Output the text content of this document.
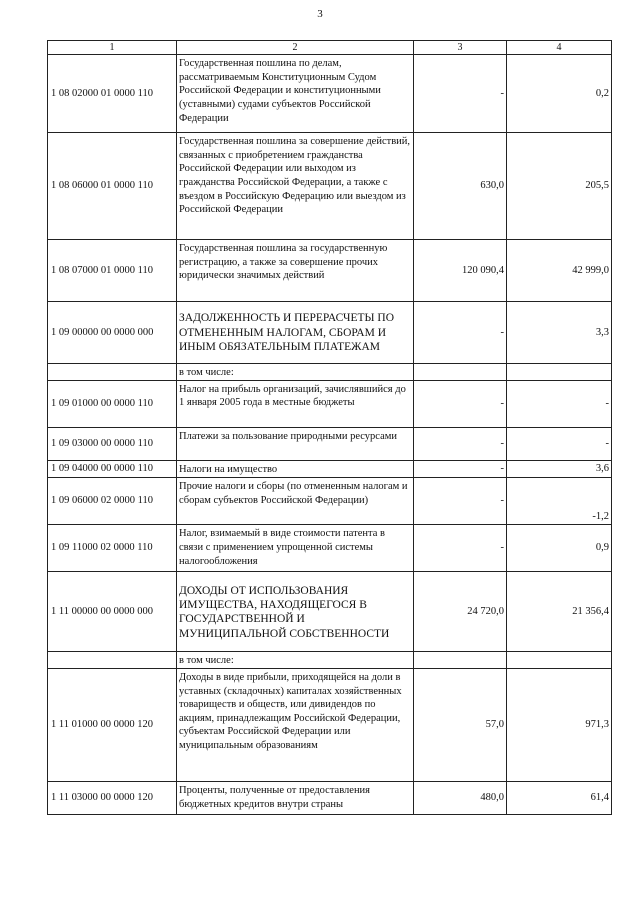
3
1	2	3	4
1 08 02000 01 0000 110	Государственная пошлина по делам, рассматриваемым Конституционным Судом Российской Федерации и конституционными (уставными) судами субъектов Российской Федерации	-	0,2
1 08 06000 01 0000 110	Государственная пошлина за совершение действий, связанных с приобретением гражданства Российской Федерации или выходом из гражданства Российской Федерации, а также с въездом в Российскую Федерацию или выездом из Российской Федерации	630,0	205,5
1 08 07000 01 0000 110	Государственная пошлина за государственную регистрацию, а также за совершение прочих юридически значимых действий	120 090,4	42 999,0
1 09 00000 00 0000 000	ЗАДОЛЖЕННОСТЬ И ПЕРЕРАСЧЕТЫ ПО ОТМЕНЕННЫМ НАЛОГАМ, СБОРАМ И ИНЫМ ОБЯЗАТЕЛЬНЫМ ПЛАТЕЖАМ	-	3,3
	в том числе:		
1 09 01000 00 0000 110	Налог на прибыль организаций, зачислявшийся до 1 января 2005 года в местные бюджеты	-	-
1 09 03000 00 0000 110	Платежи за пользование природными ресурсами	-	-
1 09 04000 00 0000 110	Налоги на имущество	-	3,6
1 09 06000 02 0000 110	Прочие налоги и сборы (по отмененным налогам и сборам субъектов Российской Федерации)	-	-1,2
1 09 11000 02 0000 110	Налог, взимаемый в виде стоимости патента в связи с применением упрощенной системы налогообложения	-	0,9
1 11 00000 00 0000 000	ДОХОДЫ ОТ ИСПОЛЬЗОВАНИЯ ИМУЩЕСТВА, НАХОДЯЩЕГОСЯ В ГОСУДАРСТВЕННОЙ И МУНИЦИПАЛЬНОЙ СОБСТВЕННОСТИ	24 720,0	21 356,4
	в том числе:		
1 11 01000 00 0000 120	Доходы в виде прибыли, приходящейся на доли в уставных (складочных) капиталах хозяйственных товариществ и обществ, или дивидендов по акциям, принадлежащим Российской Федерации, субъектам Российской Федерации или муниципальным образованиям	57,0	971,3
1 11 03000 00 0000 120	Проценты, полученные от предоставления бюджетных кредитов внутри страны	480,0	61,4
